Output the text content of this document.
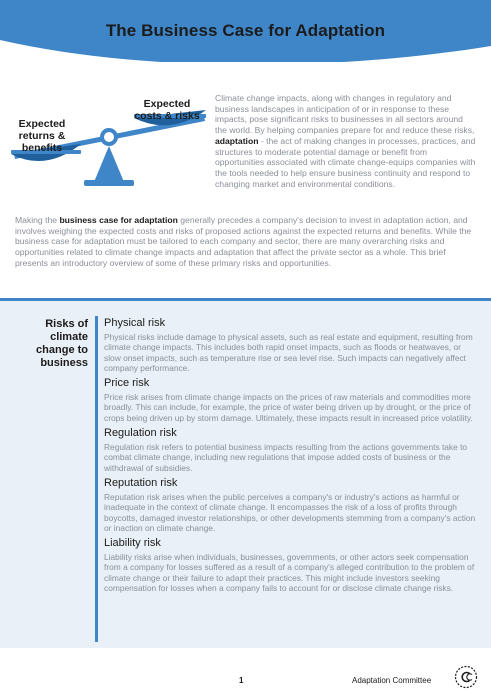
The Business Case for Adaptation
Expected returns & benefits
Expected costs & risks

Climate change impacts, along with changes in regulatory and business landscapes in anticipation of or in response to these impacts, pose significant risks to businesses in all sectors around the world. By helping companies prepare for and reduce these risks, adaptation - the act of making changes in processes, practices, and structures to moderate potential damage or benefit from opportunities associated with climate change-equips companies with the tools needed to help ensure business continuity and respond to changing market and environmental conditions.

Making the business case for adaptation generally precedes a company's decision to invest in adaptation action, and involves weighing the expected costs and risks of proposed actions against the expected returns and benefits. While the business case for adaptation must be tailored to each company and sector, there are many overarching risks and opportunities related to climate change impacts and adaptation that affect the private sector as a whole. This brief presents an introductory overview of some of these primary risks and opportunities.

Risks of climate change to business
Physical risk

Physical risks include damage to physical assets, such as real estate and equipment, resulting from climate change impacts. This includes both rapid onset impacts, such as floods or heatwaves, or slow onset impacts, such as temperature rise or sea level rise. Such impacts can negatively affect company performance.

Price risk

Price risk arises from climate change impacts on the prices of raw materials and commodities more broadly. This can include, for example, the price of water being driven up by drought, or the price of crops being driven up by storm damage. Ultimately, these impacts result in increased price volatility.

Regulation risk

Regulation risk refers to potential business impacts resulting from the actions governments take to combat climate change, including new regulations that impose added costs of business or the withdrawal of subsidies.

Reputation risk

Reputation risk arises when the public perceives a company's or industry's actions as harmful or inadequate in the context of climate change. It encompasses the risk of a loss of profits through boycotts, damaged investor relationships, or other developments stemming from a company's action or inaction on climate change.

Liability risk

Liability risks arise when individuals, businesses, governments, or other actors seek compensation from a company for losses suffered as a result of a company's alleged contribution to the problem of climate change or their failure to adapt their practices. This might include investors seeking compensation for losses when a company fails to account for or disclose climate change risks.

1	Adaptation Committee
